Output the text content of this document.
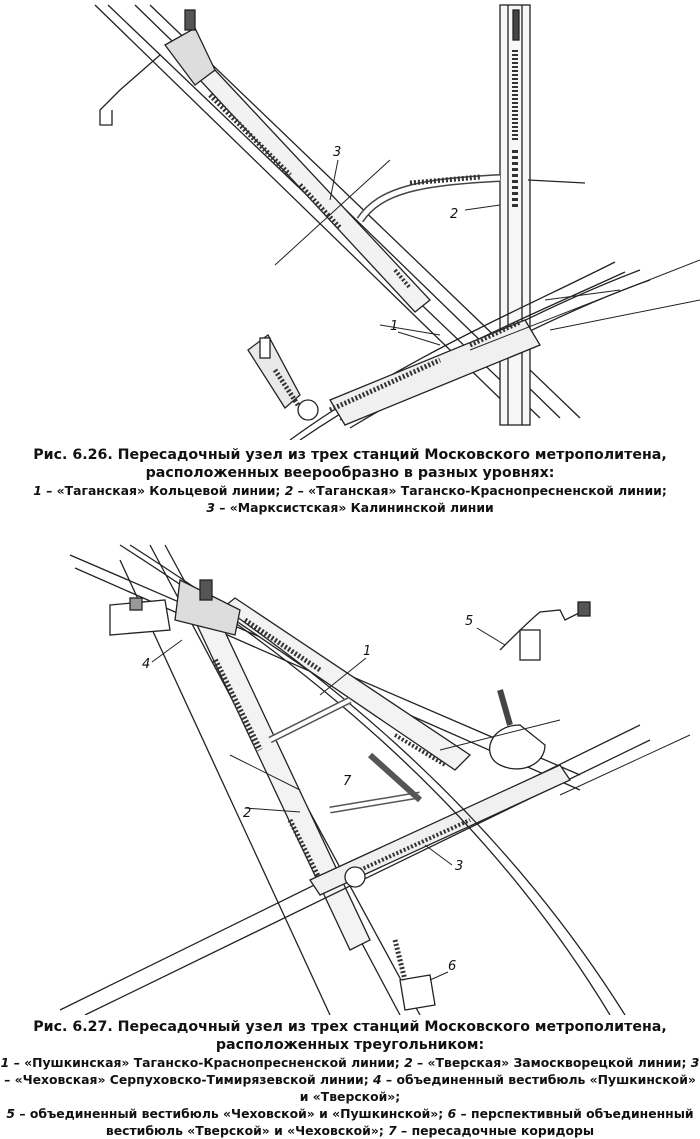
3
2
1
Рис. 6.26. Пересадочный узел из трех станций Московского метрополитена, расположенных веерообразно в разных уровнях:
1 – «Таганская» Кольцевой линии; 2 – «Таганская» Таганско-Краснопресненской линии;
3 – «Марксистская» Калининской линии
1
2
3
4
5
6
7
Рис. 6.27. Пересадочный узел из трех станций Московского метрополитена, расположенных треугольником:
1 – «Пушкинская» Таганско-Краснопресненской линии; 2 – «Тверская» Замоскворецкой линии; 3 – «Чеховская» Серпуховско-Тимирязевской линии; 4 – объединенный вестибюль «Пушкинской» и «Тверской»;
5 – объединенный вестибюль «Чеховской» и «Пушкинской»; 6 – перспективный объединенный вестибюль «Тверской» и «Чеховской»; 7 – пересадочные коридоры
